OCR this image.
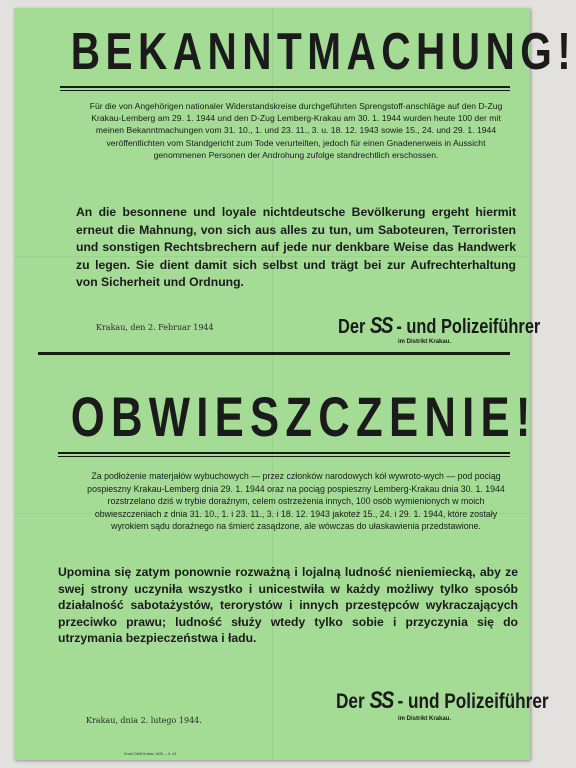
BEKANNTMACHUNG!

Für die von Angehörigen nationaler Widerstandskreise durchgeführten Sprengstoff-anschläge auf den D-Zug Krakau-Lemberg am 29. 1. 1944 und den D-Zug Lemberg-Krakau am 30. 1. 1944 wurden heute 100 der mit meinen Bekanntmachungen vom 31. 10., 1. und 23. 11., 3. u. 18. 12. 1943 sowie 15., 24. und 29. 1. 1944 veröffentlichten vom Standgericht zum Tode verurteilten, jedoch für einen Gnadenerweis in Aussicht genommenen Personen der Androhung zufolge standrechtlich erschossen.

An die besonnene und loyale nichtdeutsche Bevölkerung ergeht hiermit erneut die Mahnung, von sich aus alles zu tun, um Saboteuren, Terroristen und sonstigen Rechtsbrechern auf jede nur denkbare Weise das Handwerk zu legen. Sie dient damit sich selbst und trägt bei zur Aufrechterhaltung von Sicherheit und Ordnung.

Krakau, den 2. Februar 1944	Der SS - und Polizeiführer
im Distrikt Krakau.
OBWIESZCZENIE!

Za podłożenie materjałów wybuchowych — przez członków narodowych kół wywroto-wych — pod pociąg pospieszny Krakau-Lemberg dnia 29. 1. 1944 oraz na pociąg pospieszny Lemberg-Krakau dnia 30. 1. 1944 rozstrzelano dziś w trybie doraźnym, celem ostrzeżenia innych, 100 osób wymienionych w moich obwieszczeniach z dnia 31. 10., 1. i 23. 11., 3. i 18. 12. 1943 jakoteż 15., 24. i 29. 1. 1944, które zostały wyrokiem sądu doraźnego na śmierć zasądzone, ale wówczas do ułaskawienia przedstawione.

Upomina się zatym ponownie rozważną i lojalną ludność nieniemiecką, aby ze swej strony uczyniła wszystko i unicestwiła w każdy możliwy tylko sposób działalność sabotażystów, terorystów i innych przestępców wykraczających przeciwko prawu; ludność służy wtedy tylko sobie i przyczynia się do utrzymania bezpieczeństwa i ładu.

Krakau, dnia 2. lutego 1944.
Der SS - und Polizeiführer
im Distrikt Krakau.
Druck DAW Krakau 1628 — 6. 44
